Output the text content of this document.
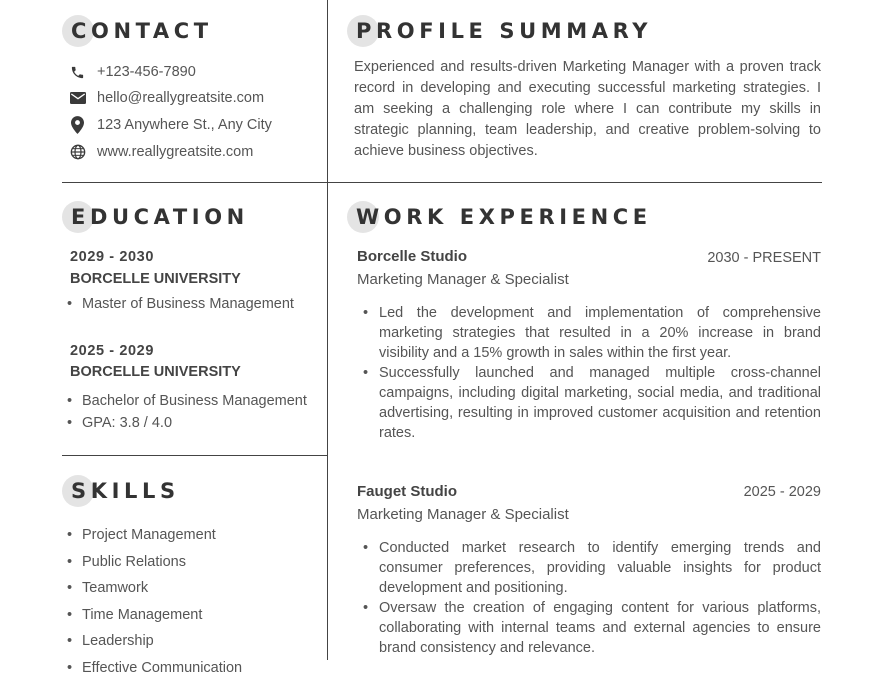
CONTACT
+123-456-7890
hello@reallygreatsite.com
123 Anywhere St., Any City
www.reallygreatsite.com
PROFILE SUMMARY
Experienced and results-driven Marketing Manager with a proven track record in developing and executing successful marketing strategies. I am seeking a challenging role where I can contribute my skills in strategic planning, team leadership, and creative problem-solving to achieve business objectives.
EDUCATION
2029 - 2030
BORCELLE UNIVERSITY
• Master of Business Management
2025 - 2029
BORCELLE UNIVERSITY
• Bachelor of Business Management
• GPA: 3.8 / 4.0
SKILLS
• Project Management
• Public Relations
• Teamwork
• Time Management
• Leadership
• Effective Communication
WORK EXPERIENCE
Borcelle Studio	2030 - PRESENT
Marketing Manager & Specialist
• Led the development and implementation of comprehensive marketing strategies that resulted in a 20% increase in brand visibility and a 15% growth in sales within the first year.
• Successfully launched and managed multiple cross-channel campaigns, including digital marketing, social media, and traditional advertising, resulting in improved customer acquisition and retention rates.
Fauget Studio	2025 - 2029
Marketing Manager & Specialist
• Conducted market research to identify emerging trends and consumer preferences, providing valuable insights for product development and positioning.
• Oversaw the creation of engaging content for various platforms, collaborating with internal teams and external agencies to ensure brand consistency and relevance.
